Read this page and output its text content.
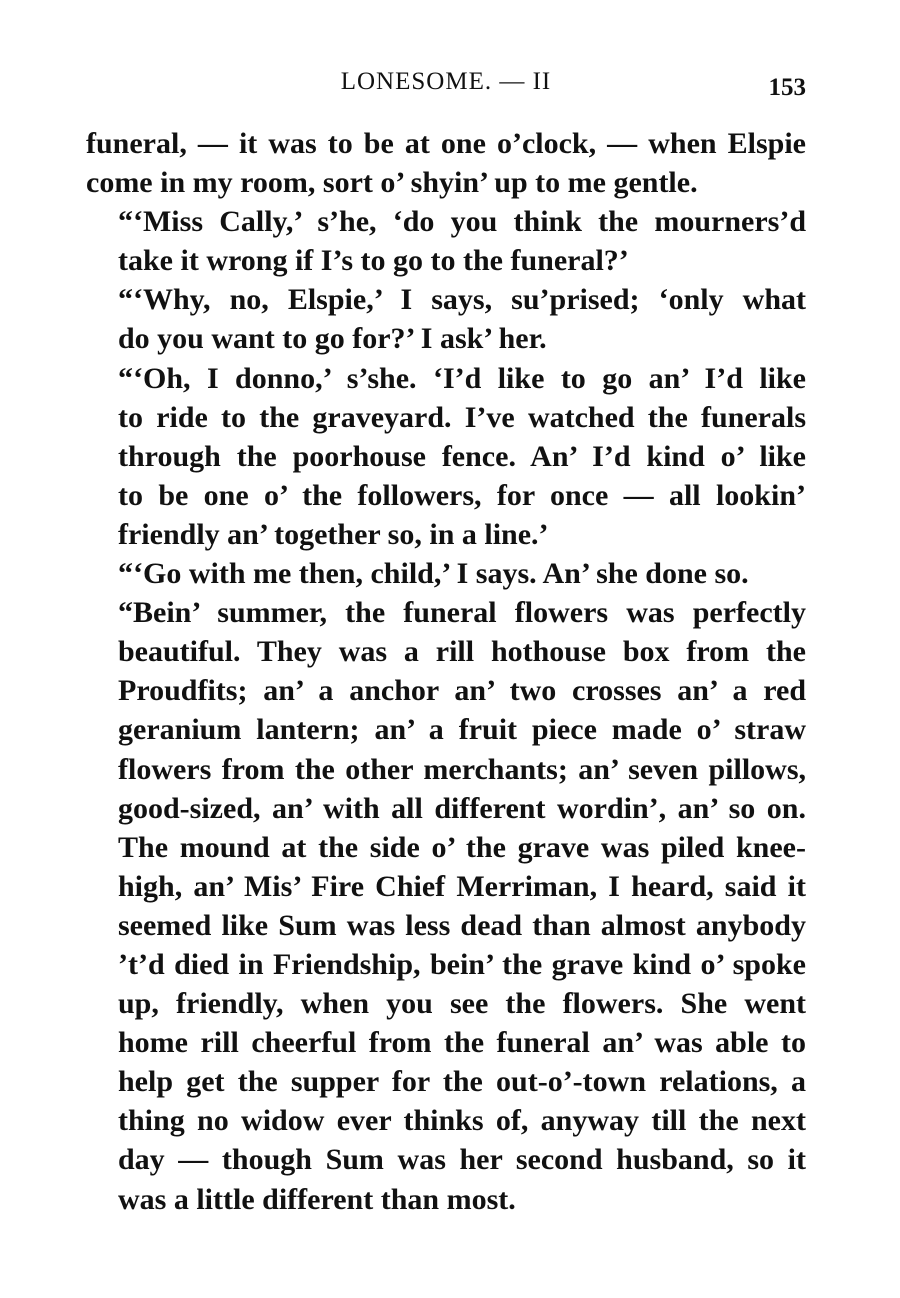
LONESOME. — II	153

funeral, — it was to be at one o’clock, — when Elspie
come in my room, sort o’ shyin’ up to me gentle.

“‘Miss Cally,’ s’he, ‘do you think the mourners’d
take it wrong if I’s to go to the funeral?’

“‘Why, no, Elspie,’ I says, su’prised; ‘only what
do you want to go for?’ I ask’ her.

“‘Oh, I donno,’ s’she. ‘I’d like to go an’ I’d like
to ride to the graveyard. I’ve watched the funerals
through the poorhouse fence. An’ I’d kind o’ like
to be one o’ the followers, for once — all lookin’
friendly an’ together so, in a line.’

“‘Go with me then, child,’ I says. An’ she done so.

“Bein’ summer, the funeral flowers was perfectly
beautiful. They was a rill hothouse box from the
Proudfits; an’ a anchor an’ two crosses an’ a red
geranium lantern; an’ a fruit piece made o’ straw
flowers from the other merchants; an’ seven pillows,
good-sized, an’ with all different wordin’, an’ so on.
The mound at the side o’ the grave was piled knee-
high, an’ Mis’ Fire Chief Merriman, I heard, said it
seemed like Sum was less dead than almost anybody
’t’d died in Friendship, bein’ the grave kind o’ spoke
up, friendly, when you see the flowers. She went
home rill cheerful from the funeral an’ was able to
help get the supper for the out-o’-town relations, a
thing no widow ever thinks of, anyway till the next
day — though Sum was her second husband, so it
was a little different than most.
